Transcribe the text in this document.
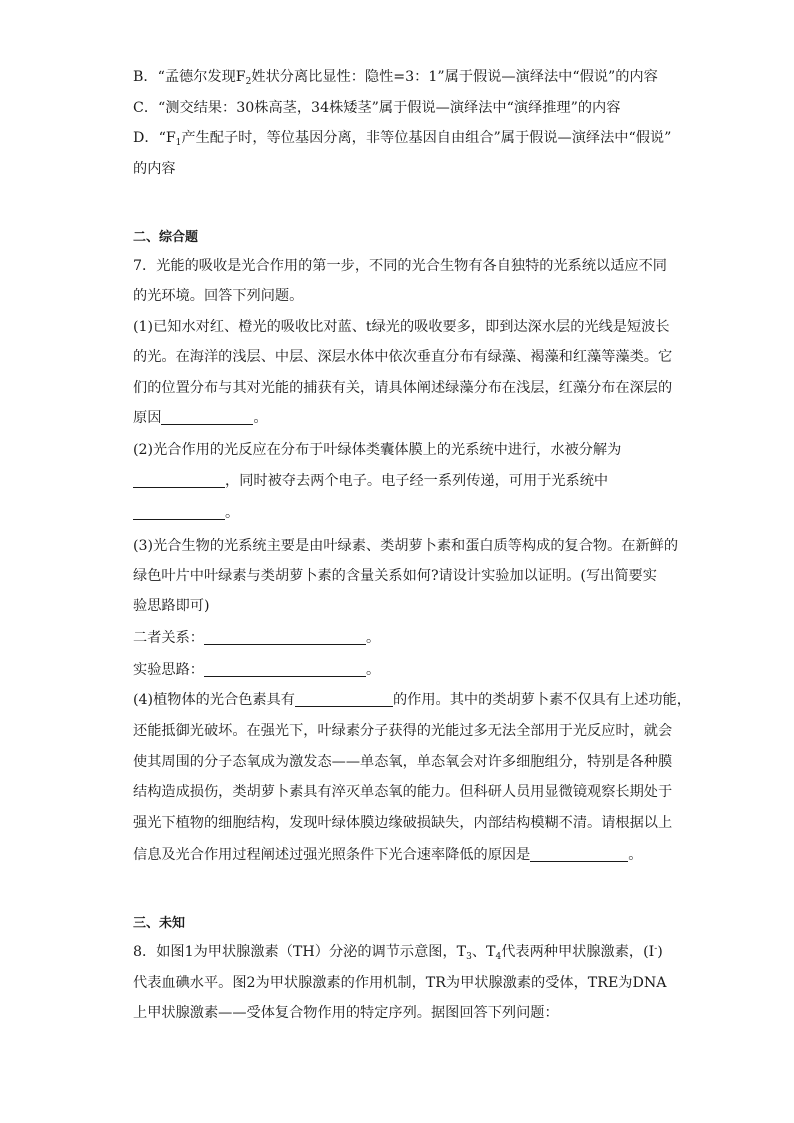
B．“孟德尔发现$F_2$姓状分离比显性：隐性=3：1”属于假说—演绎法中“假说”的内容
C．“测交结果：30株高茎，34株矮茎”属于假说—演绎法中“演绎推理”的内容
D．“$F_1$产生配子时，等位基因分离，非等位基因自由组合”属于假说—演绎法中“假说”
的内容
二、综合题
7．光能的吸收是光合作用的第一步，不同的光合生物有各自独特的光系统以适应不同
的光环境。回答下列问题。
(1)已知水对红、橙光的吸收比对蓝、t绿光的吸收要多，即到达深水层的光线是短波长
的光。在海洋的浅层、中层、深层水体中依次垂直分布有绿藻、褐藻和红藻等藻类。它
们的位置分布与其对光能的捕获有关，请具体阐述绿藻分布在浅层，红藻分布在深层的
原因	。
(2)光合作用的光反应在分布于叶绿体类囊体膜上的光系统中进行，水被分解为
，同时被夺去两个电子。电子经一系列传递，可用于光系统中
。
(3)光合生物的光系统主要是由叶绿素、类胡萝卜素和蛋白质等构成的复合物。在新鲜的
绿色叶片中叶绿素与类胡萝卜素的含量关系如何?请设计实验加以证明。(写出简要实
验思路即可)
二者关系：	。
实验思路：	。
(4)植物体的光合色素具有	的作用。其中的类胡萝卜素不仅具有上述功能，
还能抵御光破坏。在强光下，叶绿素分子获得的光能过多无法全部用于光反应时，就会
使其周围的分子态氧成为激发态——单态氧，单态氧会对许多细胞组分，特别是各种膜
结构造成损伤，类胡萝卜素具有淬灭单态氧的能力。但科研人员用显微镜观察长期处于
强光下植物的细胞结构，发现叶绿体膜边缘破损缺失，内部结构模糊不清。请根据以上
信息及光合作用过程阐述过强光照条件下光合速率降低的原因是	。
三、未知
8．如图1为甲状腺激素（TH）分泌的调节示意图，$T_3$、$T_4$代表两种甲状腺激素，(I-)
代表血碘水平。图2为甲状腺激素的作用机制，TR为甲状腺激素的受体，TRE为DNA
上甲状腺激素——受体复合物作用的特定序列。据图回答下列问题：
